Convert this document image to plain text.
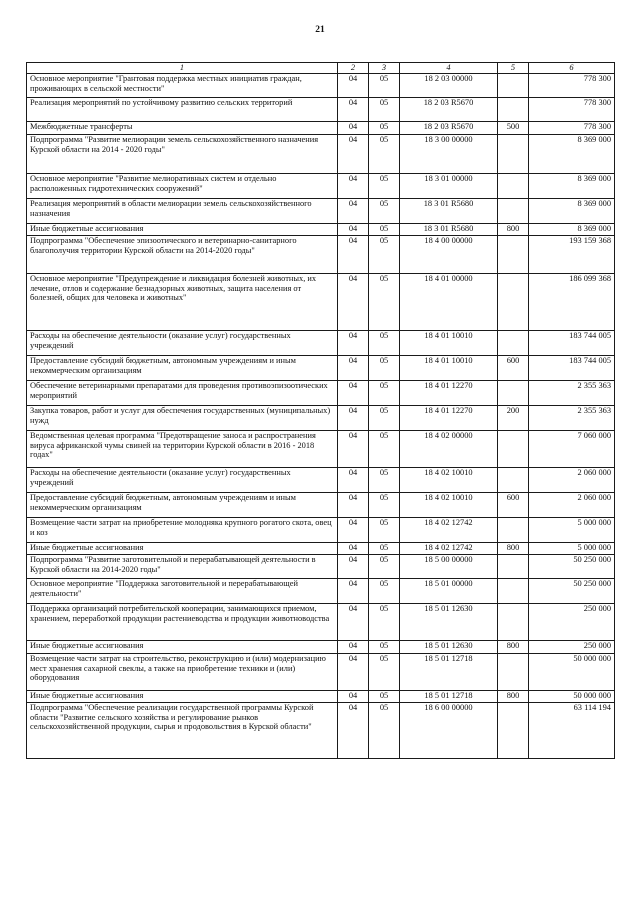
21
1	2	3	4	5	6
Основное мероприятие "Грантовая поддержка местных инициатив граждан, проживающих в сельской местности"	04	05	18 2 03 00000		778 300
Реализация мероприятий по устойчивому развитию сельских территорий	04	05	18 2 03 R5670		778 300
Межбюджетные трансферты	04	05	18 2 03 R5670	500	778 300
Подпрограмма "Развитие мелиорации земель сельскохозяйственного назначения Курской области на 2014 - 2020 годы"	04	05	18 3 00 00000		8 369 000
Основное мероприятие "Развитие мелиоративных систем и отдельно расположенных гидротехнических сооружений"	04	05	18 3 01 00000		8 369 000
Реализация мероприятий в области мелиорации земель сельскохозяйственного назначения	04	05	18 3 01 R5680		8 369 000
Иные бюджетные ассигнования	04	05	18 3 01 R5680	800	8 369 000
Подпрограмма "Обеспечение эпизоотического и ветеринарно-санитарного благополучия территории Курской области на 2014-2020 годы"	04	05	18 4 00 00000		193 159 368
Основное мероприятие "Предупреждение и ликвидация болезней животных, их лечение, отлов и содержание безнадзорных животных, защита населения от болезней, общих для человека и животных"	04	05	18 4 01 00000		186 099 368
Расходы на обеспечение деятельности (оказание услуг) государственных учреждений	04	05	18 4 01 10010		183 744 005
Предоставление субсидий бюджетным, автономным учреждениям и иным некоммерческим организациям	04	05	18 4 01 10010	600	183 744 005
Обеспечение ветеринарными препаратами для проведения противоэпизоотических мероприятий	04	05	18 4 01 12270		2 355 363
Закупка товаров, работ и услуг для обеспечения государственных (муниципальных) нужд	04	05	18 4 01 12270	200	2 355 363
Ведомственная целевая программа "Предотвращение заноса и распространения вируса африканской чумы свиней на территории Курской области в 2016 - 2018 годах"	04	05	18 4 02 00000		7 060 000
Расходы на обеспечение деятельности (оказание услуг) государственных учреждений	04	05	18 4 02 10010		2 060 000
Предоставление субсидий бюджетным, автономным учреждениям и иным некоммерческим организациям	04	05	18 4 02 10010	600	2 060 000
Возмещение части затрат на приобретение молодняка крупного рогатого скота, овец и коз	04	05	18 4 02 12742		5 000 000
Иные бюджетные ассигнования	04	05	18 4 02 12742	800	5 000 000
Подпрограмма "Развитие заготовительной и перерабатывающей деятельности в Курской области на 2014-2020 годы"	04	05	18 5 00 00000		50 250 000
Основное мероприятие "Поддержка заготовительной и перерабатывающей деятельности"	04	05	18 5 01 00000		50 250 000
Поддержка организаций потребительской кооперации, занимающихся приемом, хранением, переработкой продукции растениеводства и продукции животноводства	04	05	18 5 01 12630		250 000
Иные бюджетные ассигнования	04	05	18 5 01 12630	800	250 000
Возмещение части затрат на строительство, реконструкцию и (или) модернизацию мест хранения сахарной свеклы, а также на приобретение техники и (или) оборудования	04	05	18 5 01 12718		50 000 000
Иные бюджетные ассигнования	04	05	18 5 01 12718	800	50 000 000
Подпрограмма "Обеспечение реализации государственной программы Курской области "Развитие сельского хозяйства и регулирование рынков сельскохозяйственной продукции, сырья и продовольствия в Курской области"	04	05	18 6 00 00000		63 114 194
